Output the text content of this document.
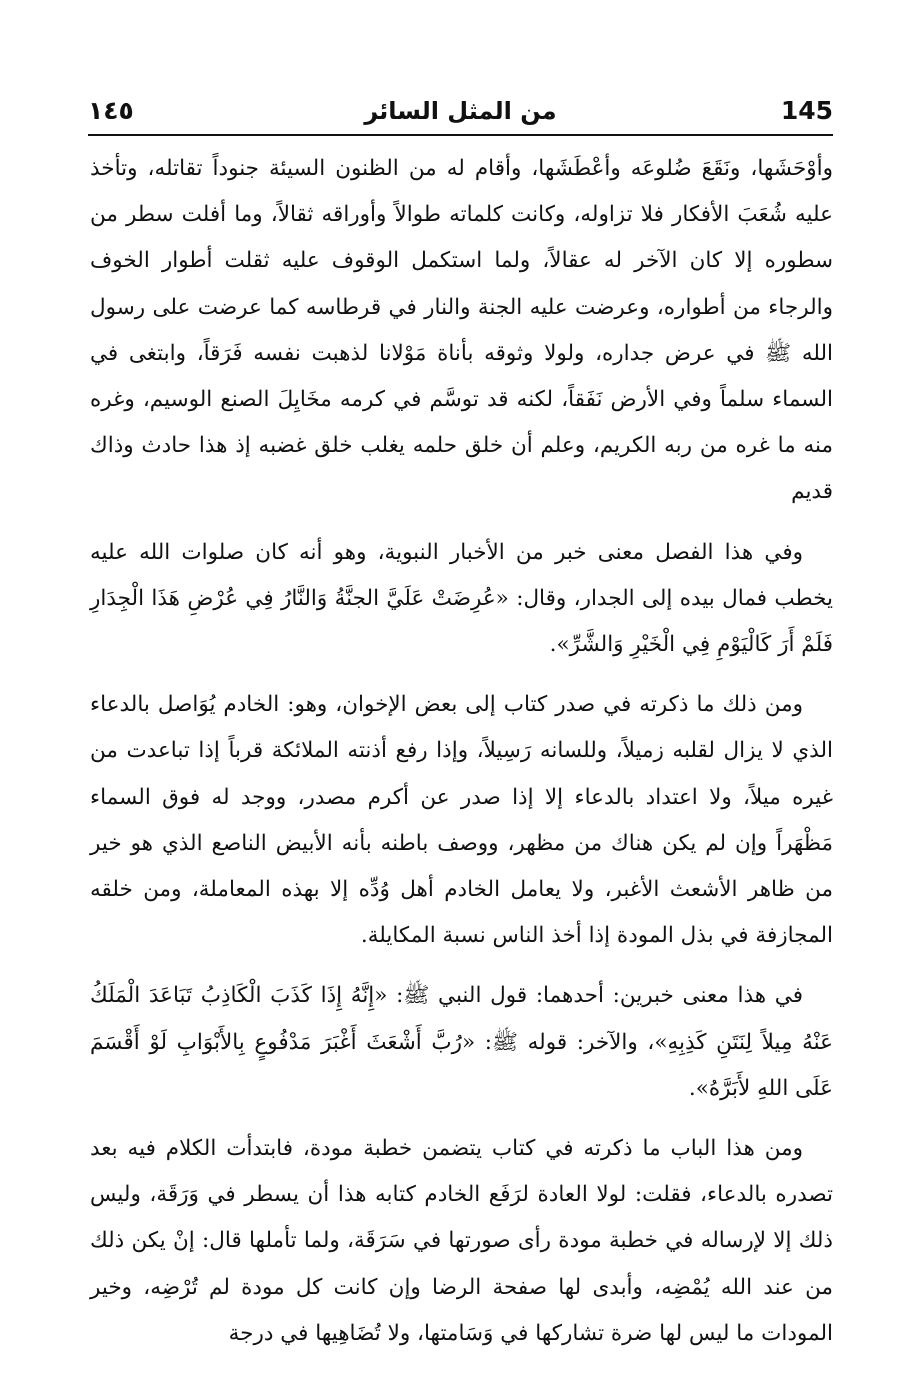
145
من المثل السائر
١٤٥

وأوْحَشَها، ونَقَعَ ضُلوعَه وأعْطَشَها، وأقام له من الظنون السيئة جنوداً تقاتله، وتأخذ عليه شُعَبَ الأفكار فلا تزاوله، وكانت كلماته طوالاً وأوراقه ثقالاً، وما أفلت سطر من سطوره إلا كان الآخر له عقالاً، ولما استكمل الوقوف عليه ثقلت أطوار الخوف والرجاء من أطواره، وعرضت عليه الجنة والنار في قرطاسه كما عرضت على رسول الله ﷺ في عرض جداره، ولولا وثوقه بأناة مَوْلانا لذهبت نفسه فَرَقاً، وابتغى في السماء سلماً وفي الأرض نَفَقاً، لكنه قد توسَّم في كرمه مخَايِلَ الصنع الوسيم، وغره منه ما غره من ربه الكريم، وعلم أن خلق حلمه يغلب خلق غضبه إذ هذا حادث وذاك قديم

وفي هذا الفصل معنى خبر من الأخبار النبوية، وهو أنه كان صلوات الله عليه يخطب فمال بيده إلى الجدار، وقال: «عُرِضَتْ عَلَيَّ الجنَّةُ وَالنَّارُ فِي عُرْضِ هَذَا الْجِدَارِ فَلَمْ أَرَ كَالْيَوْمِ فِي الْخَيْرِ وَالشَّرِّ».

ومن ذلك ما ذكرته في صدر كتاب إلى بعض الإخوان، وهو: الخادم يُوَاصل بالدعاء الذي لا يزال لقلبه زميلاً، وللسانه رَسِيلاً، وإذا رفع أذنته الملائكة قرباً إذا تباعدت من غيره ميلاً، ولا اعتداد بالدعاء إلا إذا صدر عن أكرم مصدر، ووجد له فوق السماء مَظْهَراً وإن لم يكن هناك من مظهر، ووصف باطنه بأنه الأبيض الناصع الذي هو خير من ظاهر الأشعث الأغبر، ولا يعامل الخادم أهل وُدِّه إلا بهذه المعاملة، ومن خلقه المجازفة في بذل المودة إذا أخذ الناس نسبة المكايلة.

في هذا معنى خبرين: أحدهما: قول النبي ﷺ: «إِنَّهُ إِذَا كَذَبَ الْكَاذِبُ تَبَاعَدَ الْمَلَكُ عَنْهُ مِيلاً لِنَتَنِ كَذِبِهِ»، والآخر: قوله ﷺ: «رُبَّ أَشْعَثَ أَغْبَرَ مَدْفُوعٍ بِالأَبْوَابِ لَوْ أَقْسَمَ عَلَى اللهِ لأَبَرَّهُ».

ومن هذا الباب ما ذكرته في كتاب يتضمن خطبة مودة، فابتدأت الكلام فيه بعد تصدره بالدعاء، فقلت: لولا العادة لرَفَع الخادم كتابه هذا أن يسطر في وَرَقَة، وليس ذلك إلا لإرساله في خطبة مودة رأى صورتها في سَرَقَة، ولما تأملها قال: إنْ يكن ذلك من عند الله يُمْضِه، وأبدى لها صفحة الرضا وإن كانت كل مودة لم تُرْضِه، وخير المودات ما ليس لها ضرة تشاركها في وَسَامتها، ولا تُضَاهِيها في درجة
